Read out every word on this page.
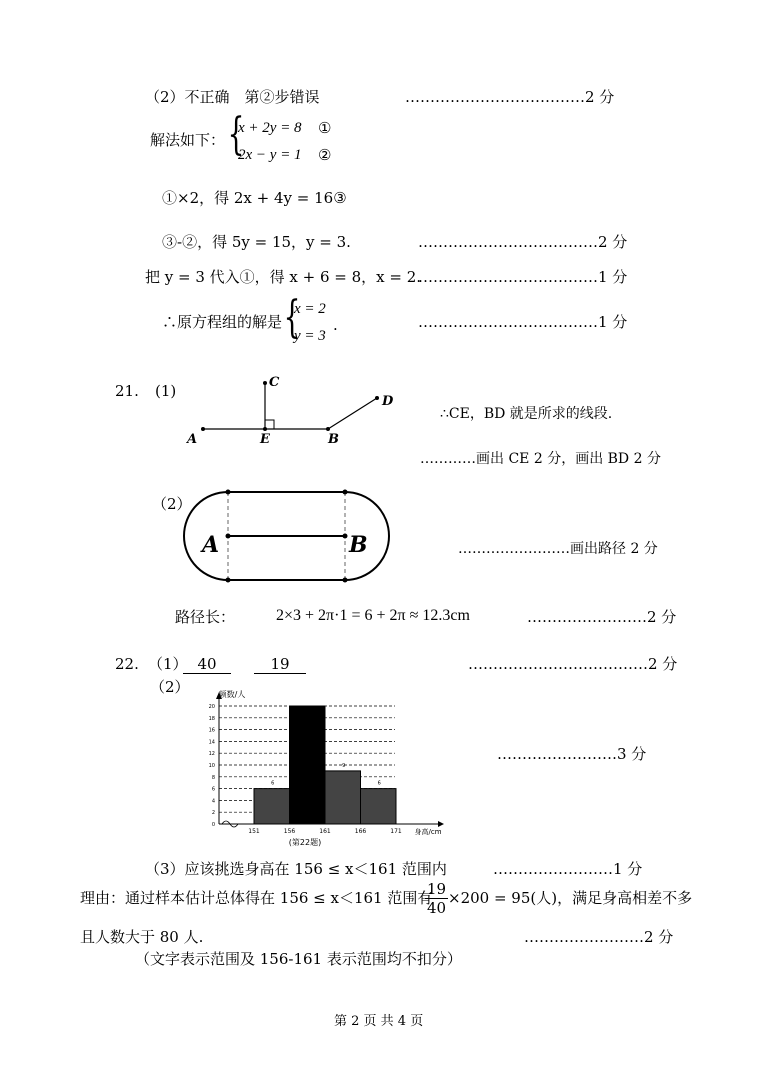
（2）不正确　第②步错误	………………………………2 分
解法如下： {
x + 2y = 8 ①
2x − y = 1 ②
①×2，得 2x + 4y = 16③
③-②，得 5y = 15，y = 3.	………………………………2 分
把 y = 3 代入①，得 x + 6 = 8，x = 2.
………………………………1 分
∴原方程组的解是 {
x = 2
y = 3
.	………………………………1 分
21. (1)
A	E	B
C
D
∴CE，BD 就是所求的线段.
…………画出 CE 2 分，画出 BD 2 分
（2）
A	B	……………………画出路径 2 分
路径长：	2×3 + 2π·1 = 6 + 2π ≈ 12.3cm	……………………2 分
22. （1） 40	19	………………………………2 分
（2）
……………………3 分
6
9
6
0
2
4
6
8
10
12
14
16
18
20
151	156	161	166	171
频数/人
身高/cm
(第22题)
（3）应该挑选身高在 156 ≤ x＜161 范围内	……………………1 分
理由：通过样本估计总体得在 156 ≤ x＜161 范围有
$\frac{19}{40} \times 200 = 95$(人)，满足身高相差不多
且人数大于 80 人.	……………………2 分
（文字表示范围及 156-161 表示范围均不扣分）
第 2 页 共 4 页
